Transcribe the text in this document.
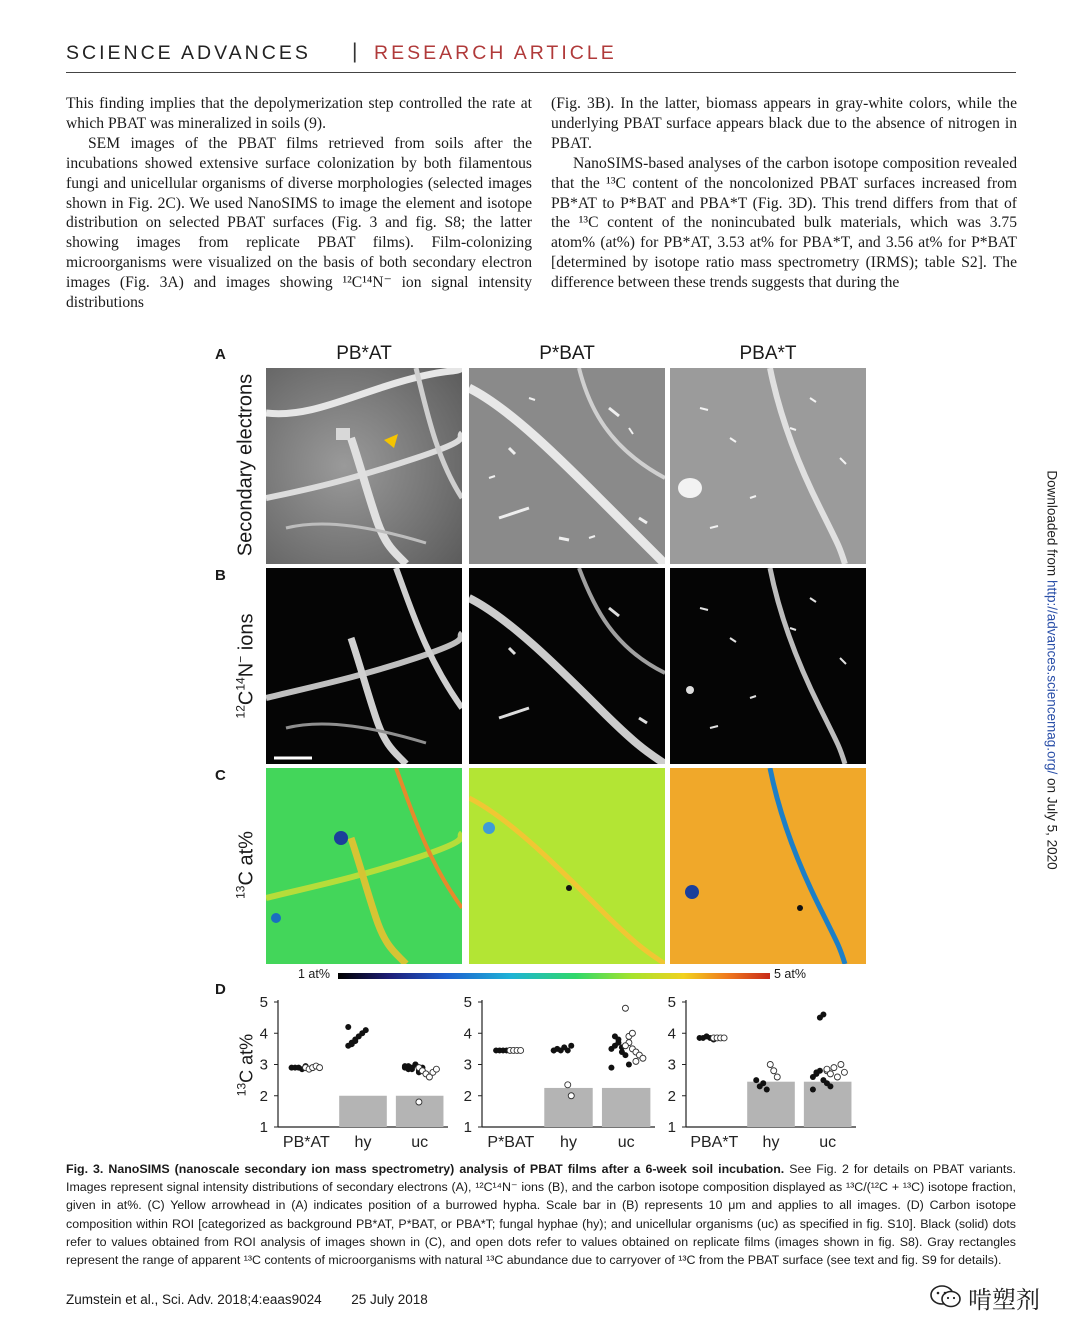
SCIENCE ADVANCES | RESEARCH ARTICLE

This finding implies that the depolymerization step controlled the rate at which PBAT was mineralized in soils (9).

SEM images of the PBAT films retrieved from soils after the incubations showed extensive surface colonization by both filamentous fungi and unicellular organisms of diverse morphologies (selected images shown in Fig. 2C). We used NanoSIMS to image the element and isotope distribution on selected PBAT surfaces (Fig. 3 and fig. S8; the latter showing images from replicate PBAT films). Film-colonizing microorganisms were visualized on the basis of both secondary electron images (Fig. 3A) and images showing ¹²C¹⁴N⁻ ion signal intensity distributions

(Fig. 3B). In the latter, biomass appears in gray-white colors, while the underlying PBAT surface appears black due to the absence of nitrogen in PBAT.

NanoSIMS-based analyses of the carbon isotope composition revealed that the ¹³C content of the noncolonized PBAT surfaces increased from PB*AT to P*BAT and PBA*T (Fig. 3D). This trend differs from that of the ¹³C content of the nonincubated bulk materials, which was 3.75 atom% (at%) for PB*AT, 3.53 at% for PBA*T, and 3.56 at% for P*BAT [determined by isotope ratio mass spectrometry (IRMS); table S2]. The difference between these trends suggests that during the

Downloaded from http://advances.sciencemag.org/ on July 5, 2020
A
B
C
D
PB*AT	P*BAT	PBA*T
Secondary electrons
$^{12}C^{14}N^-$ ions
$^{13}$C at%
1 at%	5 at%
$^{13}$C at%
1
2
3
4
5
PB*AT hy uc
1
2
3
4
5
P*BAT hy	uc
1
2
3
4
5
PBA*T hy uc
Fig. 3. NanoSIMS (nanoscale secondary ion mass spectrometry) analysis of PBAT films after a 6-week soil incubation. See Fig. 2 for details on PBAT variants. Images represent signal intensity distributions of secondary electrons (A), ¹²C¹⁴N⁻ ions (B), and the carbon isotope composition displayed as ¹³C/(¹²C + ¹³C) isotope fraction, given in at%. (C) Yellow arrowhead in (A) indicates position of a burrowed hypha. Scale bar in (B) represents 10 μm and applies to all images. (D) Carbon isotope composition within ROI [categorized as background PB*AT, P*BAT, or PBA*T; fungal hyphae (hy); and unicellular organisms (uc) as specified in fig. S10]. Black (solid) dots refer to values obtained from ROI analysis of images shown in (C), and open dots refer to values obtained on replicate films (images shown in fig. S8). Gray rectangles represent the range of apparent ¹³C contents of microorganisms with natural ¹³C abundance due to carryover of ¹³C from the PBAT surface (see text and fig. S9 for details).
Zumstein et al., Sci. Adv. 2018;4:eaas9024 25 July 2018	啃塑剂
